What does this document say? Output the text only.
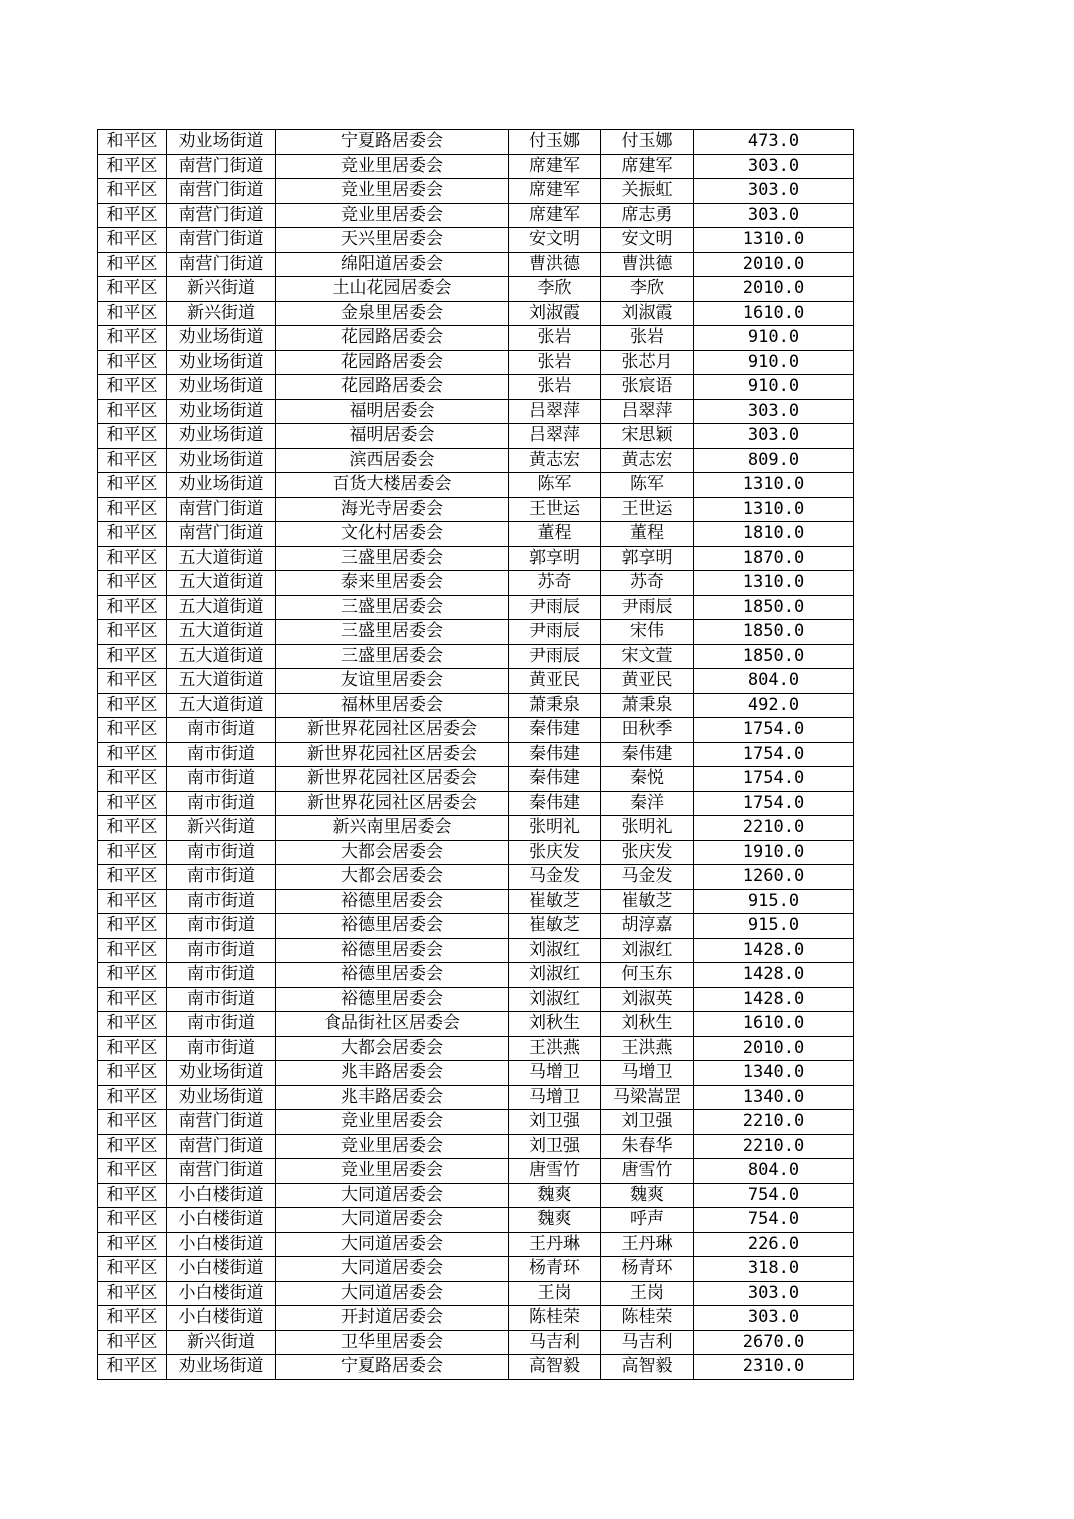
和平区	劝业场街道	宁夏路居委会	付玉娜	付玉娜	473.0
和平区	南营门街道	竞业里居委会	席建军	席建军	303.0
和平区	南营门街道	竞业里居委会	席建军	关振虹	303.0
和平区	南营门街道	竞业里居委会	席建军	席志勇	303.0
和平区	南营门街道	天兴里居委会	安文明	安文明	1310.0
和平区	南营门街道	绵阳道居委会	曹洪德	曹洪德	2010.0
和平区	新兴街道	土山花园居委会	李欣	李欣	2010.0
和平区	新兴街道	金泉里居委会	刘淑霞	刘淑霞	1610.0
和平区	劝业场街道	花园路居委会	张岩	张岩	910.0
和平区	劝业场街道	花园路居委会	张岩	张芯月	910.0
和平区	劝业场街道	花园路居委会	张岩	张宸语	910.0
和平区	劝业场街道	福明居委会	吕翠萍	吕翠萍	303.0
和平区	劝业场街道	福明居委会	吕翠萍	宋思颖	303.0
和平区	劝业场街道	滨西居委会	黄志宏	黄志宏	809.0
和平区	劝业场街道	百货大楼居委会	陈军	陈军	1310.0
和平区	南营门街道	海光寺居委会	王世运	王世运	1310.0
和平区	南营门街道	文化村居委会	董程	董程	1810.0
和平区	五大道街道	三盛里居委会	郭享明	郭享明	1870.0
和平区	五大道街道	泰来里居委会	苏奇	苏奇	1310.0
和平区	五大道街道	三盛里居委会	尹雨辰	尹雨辰	1850.0
和平区	五大道街道	三盛里居委会	尹雨辰	宋伟	1850.0
和平区	五大道街道	三盛里居委会	尹雨辰	宋文萱	1850.0
和平区	五大道街道	友谊里居委会	黄亚民	黄亚民	804.0
和平区	五大道街道	福林里居委会	萧秉泉	萧秉泉	492.0
和平区	南市街道	新世界花园社区居委会	秦伟建	田秋季	1754.0
和平区	南市街道	新世界花园社区居委会	秦伟建	秦伟建	1754.0
和平区	南市街道	新世界花园社区居委会	秦伟建	秦悦	1754.0
和平区	南市街道	新世界花园社区居委会	秦伟建	秦洋	1754.0
和平区	新兴街道	新兴南里居委会	张明礼	张明礼	2210.0
和平区	南市街道	大都会居委会	张庆发	张庆发	1910.0
和平区	南市街道	大都会居委会	马金发	马金发	1260.0
和平区	南市街道	裕德里居委会	崔敏芝	崔敏芝	915.0
和平区	南市街道	裕德里居委会	崔敏芝	胡淳嘉	915.0
和平区	南市街道	裕德里居委会	刘淑红	刘淑红	1428.0
和平区	南市街道	裕德里居委会	刘淑红	何玉东	1428.0
和平区	南市街道	裕德里居委会	刘淑红	刘淑英	1428.0
和平区	南市街道	食品街社区居委会	刘秋生	刘秋生	1610.0
和平区	南市街道	大都会居委会	王洪燕	王洪燕	2010.0
和平区	劝业场街道	兆丰路居委会	马增卫	马增卫	1340.0
和平区	劝业场街道	兆丰路居委会	马增卫	马梁嵩罡	1340.0
和平区	南营门街道	竞业里居委会	刘卫强	刘卫强	2210.0
和平区	南营门街道	竞业里居委会	刘卫强	朱春华	2210.0
和平区	南营门街道	竞业里居委会	唐雪竹	唐雪竹	804.0
和平区	小白楼街道	大同道居委会	魏爽	魏爽	754.0
和平区	小白楼街道	大同道居委会	魏爽	呼声	754.0
和平区	小白楼街道	大同道居委会	王丹琳	王丹琳	226.0
和平区	小白楼街道	大同道居委会	杨青环	杨青环	318.0
和平区	小白楼街道	大同道居委会	王岗	王岗	303.0
和平区	小白楼街道	开封道居委会	陈桂荣	陈桂荣	303.0
和平区	新兴街道	卫华里居委会	马吉利	马吉利	2670.0
和平区	劝业场街道	宁夏路居委会	高智毅	高智毅	2310.0
